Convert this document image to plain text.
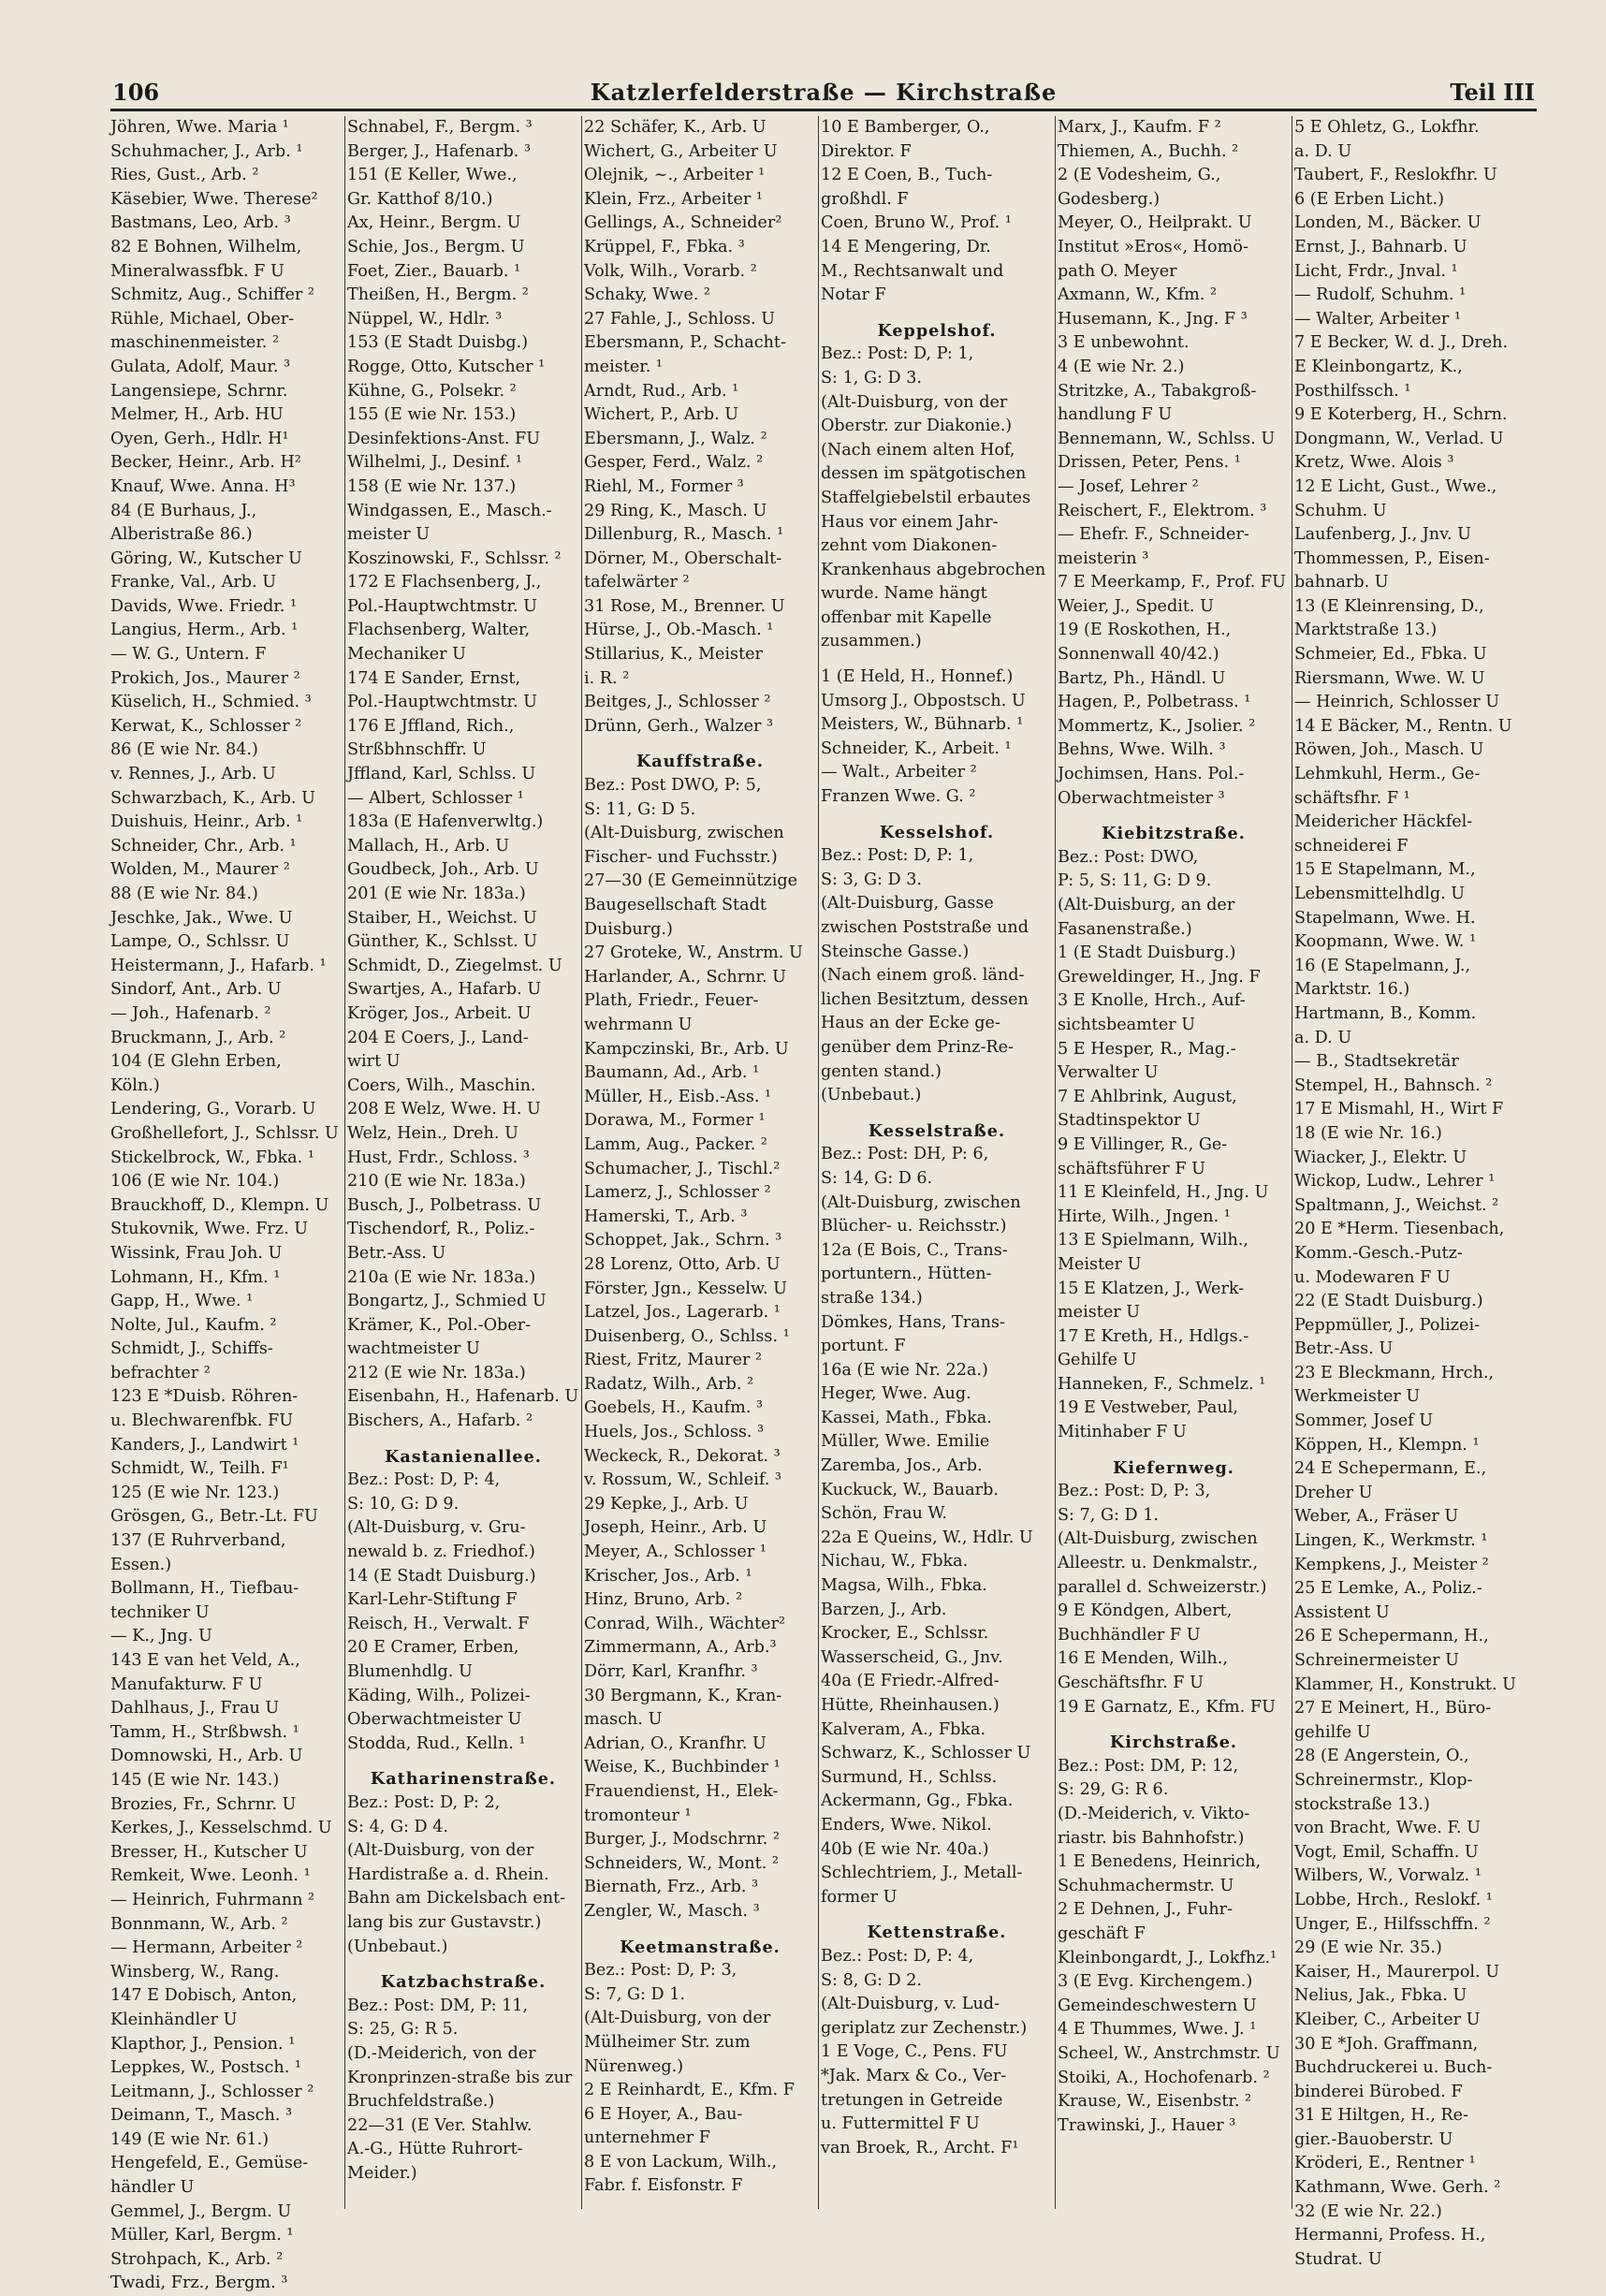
106	Katzlerfelderstraße — Kirchstraße	Teil III
Jöhren, Wwe. Maria ¹
Schuhmacher, J., Arb. ¹
Ries, Gust., Arb. ²
Käsebier, Wwe. Therese²
Bastmans, Leo, Arb. ³
82 E Bohnen, Wilhelm,
Mineralwassfbk. F U
Schmitz, Aug., Schiffer ²
Rühle, Michael, Ober-
maschinenmeister. ²
Gulata, Adolf, Maur. ³
Langensiepe, Schrnr.
Melmer, H., Arb. HU
Oyen, Gerh., Hdlr. H¹
Becker, Heinr., Arb. H²
Knauf, Wwe. Anna. H³
84 (E Burhaus, J.,
Alberistraße 86.)
Göring, W., Kutscher U
Franke, Val., Arb. U
Davids, Wwe. Friedr. ¹
Langius, Herm., Arb. ¹
— W. G., Untern. F
Prokich, Jos., Maurer ²
Küselich, H., Schmied. ³
Kerwat, K., Schlosser ²
86 (E wie Nr. 84.)
v. Rennes, J., Arb. U
Schwarzbach, K., Arb. U
Duishuis, Heinr., Arb. ¹
Schneider, Chr., Arb. ¹
Wolden, M., Maurer ²
88 (E wie Nr. 84.)
Jeschke, Jak., Wwe. U
Lampe, O., Schlssr. U
Heistermann, J., Hafarb. ¹
Sindorf, Ant., Arb. U
— Joh., Hafenarb. ²
Bruckmann, J., Arb. ²
104 (E Glehn Erben,
Köln.)
Lendering, G., Vorarb. U
Großhellefort, J., Schlssr. U
Stickelbrock, W., Fbka. ¹
106 (E wie Nr. 104.)
Brauckhoff, D., Klempn. U
Stukovnik, Wwe. Frz. U
Wissink, Frau Joh. U
Lohmann, H., Kfm. ¹
Gapp, H., Wwe. ¹
Nolte, Jul., Kaufm. ²
Schmidt, J., Schiffs-
befrachter ²
123 E *Duisb. Röhren-
u. Blechwarenfbk. FU
Kanders, J., Landwirt ¹
Schmidt, W., Teilh. F¹
125 (E wie Nr. 123.)
Grösgen, G., Betr.-Lt. FU
137 (E Ruhrverband,
Essen.)
Bollmann, H., Tiefbau-
techniker U
— K., Jng. U
143 E van het Veld, A.,
Manufakturw. F U
Dahlhaus, J., Frau U
Tamm, H., Strßbwsh. ¹
Domnowski, H., Arb. U
145 (E wie Nr. 143.)
Brozies, Fr., Schrnr. U
Kerkes, J., Kesselschmd. U
Bresser, H., Kutscher U
Remkeit, Wwe. Leonh. ¹
— Heinrich, Fuhrmann ²
Bonnmann, W., Arb. ²
— Hermann, Arbeiter ²
Winsberg, W., Rang.
147 E Dobisch, Anton,
Kleinhändler U
Klapthor, J., Pension. ¹
Leppkes, W., Postsch. ¹
Leitmann, J., Schlosser ²
Deimann, T., Masch. ³
149 (E wie Nr. 61.)
Hengefeld, E., Gemüse-
händler U
Gemmel, J., Bergm. U
Müller, Karl, Bergm. ¹
Strohpach, K., Arb. ²
Twadi, Frz., Bergm. ³
Schnabel, F., Bergm. ³
Berger, J., Hafenarb. ³
151 (E Keller, Wwe.,
Gr. Katthof 8/10.)
Ax, Heinr., Bergm. U
Schie, Jos., Bergm. U
Foet, Zier., Bauarb. ¹
Theißen, H., Bergm. ²
Nüppel, W., Hdlr. ³
153 (E Stadt Duisbg.)
Rogge, Otto, Kutscher ¹
Kühne, G., Polsekr. ²
155 (E wie Nr. 153.)
Desinfektions-Anst. FU
Wilhelmi, J., Desinf. ¹
158 (E wie Nr. 137.)
Windgassen, E., Masch.-
meister U
Koszinowski, F., Schlssr. ²
172 E Flachsenberg, J.,
Pol.-Hauptwchtmstr. U
Flachsenberg, Walter,
Mechaniker U
174 E Sander, Ernst,
Pol.-Hauptwchtmstr. U
176 E Jffland, Rich.,
Strßbhnschffr. U
Jffland, Karl, Schlss. U
— Albert, Schlosser ¹
183a (E Hafenverwltg.)
Mallach, H., Arb. U
Goudbeck, Joh., Arb. U
201 (E wie Nr. 183a.)
Staiber, H., Weichst. U
Günther, K., Schlsst. U
Schmidt, D., Ziegelmst. U
Swartjes, A., Hafarb. U
Kröger, Jos., Arbeit. U
204 E Coers, J., Land-
wirt U
Coers, Wilh., Maschin.
208 E Welz, Wwe. H. U
Welz, Hein., Dreh. U
Hust, Frdr., Schloss. ³
210 (E wie Nr. 183a.)
Busch, J., Polbetrass. U
Tischendorf, R., Poliz.-
Betr.-Ass. U
210a (E wie Nr. 183a.)
Bongartz, J., Schmied U
Krämer, K., Pol.-Ober-
wachtmeister U
212 (E wie Nr. 183a.)
Eisenbahn, H., Hafenarb. U
Bischers, A., Hafarb. ²
Kastanienallee.
Bez.: Post: D, P: 4,
S: 10, G: D 9.
(Alt-Duisburg, v. Gru-
newald b. z. Friedhof.)
14 (E Stadt Duisburg.)
Karl-Lehr-Stiftung F
Reisch, H., Verwalt. F
20 E Cramer, Erben,
Blumenhdlg. U
Käding, Wilh., Polizei-
Oberwachtmeister U
Stodda, Rud., Kelln. ¹
Katharinenstraße.
Bez.: Post: D, P: 2,
S: 4, G: D 4.
(Alt-Duisburg, von der
Hardistraße a. d. Rhein.
Bahn am Dickelsbach ent-
lang bis zur Gustavstr.)
(Unbebaut.)
Katzbachstraße.
Bez.: Post: DM, P: 11,
S: 25, G: R 5.
(D.-Meiderich, von der
Kronprinzen-straße bis zur
Bruchfeldstraße.)
22—31 (E Ver. Stahlw.
A.-G., Hütte Ruhrort-
Meider.)
22 Schäfer, K., Arb. U
Wichert, G., Arbeiter U
Olejnik, ~., Arbeiter ¹
Klein, Frz., Arbeiter ¹
Gellings, A., Schneider²
Krüppel, F., Fbka. ³
Volk, Wilh., Vorarb. ²
Schaky, Wwe. ²
27 Fahle, J., Schloss. U
Ebersmann, P., Schacht-
meister. ¹
Arndt, Rud., Arb. ¹
Wichert, P., Arb. U
Ebersmann, J., Walz. ²
Gesper, Ferd., Walz. ²
Riehl, M., Former ³
29 Ring, K., Masch. U
Dillenburg, R., Masch. ¹
Dörner, M., Oberschalt-
tafelwärter ²
31 Rose, M., Brenner. U
Hürse, J., Ob.-Masch. ¹
Stillarius, K., Meister
i. R. ²
Beitges, J., Schlosser ²
Drünn, Gerh., Walzer ³
Kauffstraße.
Bez.: Post DWO, P: 5,
S: 11, G: D 5.
(Alt-Duisburg, zwischen
Fischer- und Fuchsstr.)
27—30 (E Gemeinnützige
Baugesellschaft Stadt
Duisburg.)
27 Groteke, W., Anstrm. U
Harlander, A., Schrnr. U
Plath, Friedr., Feuer-
wehrmann U
Kampczinski, Br., Arb. U
Baumann, Ad., Arb. ¹
Müller, H., Eisb.-Ass. ¹
Dorawa, M., Former ¹
Lamm, Aug., Packer. ²
Schumacher, J., Tischl.²
Lamerz, J., Schlosser ²
Hamerski, T., Arb. ³
Schoppet, Jak., Schrn. ³
28 Lorenz, Otto, Arb. U
Förster, Jgn., Kesselw. U
Latzel, Jos., Lagerarb. ¹
Duisenberg, O., Schlss. ¹
Riest, Fritz, Maurer ²
Radatz, Wilh., Arb. ²
Goebels, H., Kaufm. ³
Huels, Jos., Schloss. ³
Weckeck, R., Dekorat. ³
v. Rossum, W., Schleif. ³
29 Kepke, J., Arb. U
Joseph, Heinr., Arb. U
Meyer, A., Schlosser ¹
Krischer, Jos., Arb. ¹
Hinz, Bruno, Arb. ²
Conrad, Wilh., Wächter²
Zimmermann, A., Arb.³
Dörr, Karl, Kranfhr. ³
30 Bergmann, K., Kran-
masch. U
Adrian, O., Kranfhr. U
Weise, K., Buchbinder ¹
Frauendienst, H., Elek-
tromonteur ¹
Burger, J., Modschrnr. ²
Schneiders, W., Mont. ²
Biernath, Frz., Arb. ³
Zengler, W., Masch. ³
Keetmanstraße.
Bez.: Post: D, P: 3,
S: 7, G: D 1.
(Alt-Duisburg, von der
Mülheimer Str. zum
Nürenweg.)
2 E Reinhardt, E., Kfm. F
6 E Hoyer, A., Bau-
unternehmer F
8 E von Lackum, Wilh.,
Fabr. f. Eisfonstr. F
10 E Bamberger, O.,
Direktor. F
12 E Coen, B., Tuch-
großhdl. F
Coen, Bruno W., Prof. ¹
14 E Mengering, Dr.
M., Rechtsanwalt und
Notar F
Keppelshof.
Bez.: Post: D, P: 1,
S: 1, G: D 3.
(Alt-Duisburg, von der
Oberstr. zur Diakonie.)
(Nach einem alten Hof,
dessen im spätgotischen
Staffelgiebelstil erbautes
Haus vor einem Jahr-
zehnt vom Diakonen-
Krankenhaus abgebrochen
wurde. Name hängt
offenbar mit Kapelle
zusammen.)
1 (E Held, H., Honnef.)
Umsorg J., Obpostsch. U
Meisters, W., Bühnarb. ¹
Schneider, K., Arbeit. ¹
— Walt., Arbeiter ²
Franzen Wwe. G. ²
Kesselshof.
Bez.: Post: D, P: 1,
S: 3, G: D 3.
(Alt-Duisburg, Gasse
zwischen Poststraße und
Steinsche Gasse.)
(Nach einem groß. länd-
lichen Besitztum, dessen
Haus an der Ecke ge-
genüber dem Prinz-Re-
genten stand.)
(Unbebaut.)
Kesselstraße.
Bez.: Post: DH, P: 6,
S: 14, G: D 6.
(Alt-Duisburg, zwischen
Blücher- u. Reichsstr.)
12a (E Bois, C., Trans-
portuntern., Hütten-
straße 134.)
Dömkes, Hans, Trans-
portunt. F
16a (E wie Nr. 22a.)
Heger, Wwe. Aug.
Kassei, Math., Fbka.
Müller, Wwe. Emilie
Zaremba, Jos., Arb.
Kuckuck, W., Bauarb.
Schön, Frau W.
22a E Queins, W., Hdlr. U
Nichau, W., Fbka.
Magsa, Wilh., Fbka.
Barzen, J., Arb.
Krocker, E., Schlssr.
Wasserscheid, G., Jnv.
40a (E Friedr.-Alfred-
Hütte, Rheinhausen.)
Kalveram, A., Fbka.
Schwarz, K., Schlosser U
Surmund, H., Schlss.
Ackermann, Gg., Fbka.
Enders, Wwe. Nikol.
40b (E wie Nr. 40a.)
Schlechtriem, J., Metall-
former U
Kettenstraße.
Bez.: Post: D, P: 4,
S: 8, G: D 2.
(Alt-Duisburg, v. Lud-
geriplatz zur Zechenstr.)
1 E Voge, C., Pens. FU
*Jak. Marx & Co., Ver-
tretungen in Getreide
u. Futtermittel F U
van Broek, R., Archt. F¹
Marx, J., Kaufm. F ²
Thiemen, A., Buchh. ²
2 (E Vodesheim, G.,
Godesberg.)
Meyer, O., Heilprakt. U
Institut »Eros«, Homö-
path O. Meyer
Axmann, W., Kfm. ²
Husemann, K., Jng. F ³
3 E unbewohnt.
4 (E wie Nr. 2.)
Stritzke, A., Tabakgroß-
handlung F U
Bennemann, W., Schlss. U
Drissen, Peter, Pens. ¹
— Josef, Lehrer ²
Reischert, F., Elektrom. ³
— Ehefr. F., Schneider-
meisterin ³
7 E Meerkamp, F., Prof. FU
Weier, J., Spedit. U
19 (E Roskothen, H.,
Sonnenwall 40/42.)
Bartz, Ph., Händl. U
Hagen, P., Polbetrass. ¹
Mommertz, K., Jsolier. ²
Behns, Wwe. Wilh. ³
Jochimsen, Hans. Pol.-
Oberwachtmeister ³
Kiebitzstraße.
Bez.: Post: DWO,
P: 5, S: 11, G: D 9.
(Alt-Duisburg, an der
Fasanenstraße.)
1 (E Stadt Duisburg.)
Greweldinger, H., Jng. F
3 E Knolle, Hrch., Auf-
sichtsbeamter U
5 E Hesper, R., Mag.-
Verwalter U
7 E Ahlbrink, August,
Stadtinspektor U
9 E Villinger, R., Ge-
schäftsführer F U
11 E Kleinfeld, H., Jng. U
Hirte, Wilh., Jngen. ¹
13 E Spielmann, Wilh.,
Meister U
15 E Klatzen, J., Werk-
meister U
17 E Kreth, H., Hdlgs.-
Gehilfe U
Hanneken, F., Schmelz. ¹
19 E Vestweber, Paul,
Mitinhaber F U
Kiefernweg.
Bez.: Post: D, P: 3,
S: 7, G: D 1.
(Alt-Duisburg, zwischen
Alleestr. u. Denkmalstr.,
parallel d. Schweizerstr.)
9 E Köndgen, Albert,
Buchhändler F U
16 E Menden, Wilh.,
Geschäftsfhr. F U
19 E Garnatz, E., Kfm. FU
Kirchstraße.
Bez.: Post: DM, P: 12,
S: 29, G: R 6.
(D.-Meiderich, v. Vikto-
riastr. bis Bahnhofstr.)
1 E Benedens, Heinrich,
Schuhmachermstr. U
2 E Dehnen, J., Fuhr-
geschäft F
Kleinbongardt, J., Lokfhz.¹
3 (E Evg. Kirchengem.)
Gemeindeschwestern U
4 E Thummes, Wwe. J. ¹
Scheel, W., Anstrchmstr. U
Stoiki, A., Hochofenarb. ²
Krause, W., Eisenbstr. ²
Trawinski, J., Hauer ³
5 E Ohletz, G., Lokfhr.
a. D. U
Taubert, F., Reslokfhr. U
6 (E Erben Licht.)
Londen, M., Bäcker. U
Ernst, J., Bahnarb. U
Licht, Frdr., Jnval. ¹
— Rudolf, Schuhm. ¹
— Walter, Arbeiter ¹
7 E Becker, W. d. J., Dreh.
E Kleinbongartz, K.,
Posthilfssch. ¹
9 E Koterberg, H., Schrn.
Dongmann, W., Verlad. U
Kretz, Wwe. Alois ³
12 E Licht, Gust., Wwe.,
Schuhm. U
Laufenberg, J., Jnv. U
Thommessen, P., Eisen-
bahnarb. U
13 (E Kleinrensing, D.,
Marktstraße 13.)
Schmeier, Ed., Fbka. U
Riersmann, Wwe. W. U
— Heinrich, Schlosser U
14 E Bäcker, M., Rentn. U
Röwen, Joh., Masch. U
Lehmkuhl, Herm., Ge-
schäftsfhr. F ¹
Meidericher Häckfel-
schneiderei F
15 E Stapelmann, M.,
Lebensmittelhdlg. U
Stapelmann, Wwe. H.
Koopmann, Wwe. W. ¹
16 (E Stapelmann, J.,
Marktstr. 16.)
Hartmann, B., Komm.
a. D. U
— B., Stadtsekretär
Stempel, H., Bahnsch. ²
17 E Mismahl, H., Wirt F
18 (E wie Nr. 16.)
Wiacker, J., Elektr. U
Wickop, Ludw., Lehrer ¹
Spaltmann, J., Weichst. ²
20 E *Herm. Tiesenbach,
Komm.-Gesch.-Putz-
u. Modewaren F U
22 (E Stadt Duisburg.)
Peppmüller, J., Polizei-
Betr.-Ass. U
23 E Bleckmann, Hrch.,
Werkmeister U
Sommer, Josef U
Köppen, H., Klempn. ¹
24 E Schepermann, E.,
Dreher U
Weber, A., Fräser U
Lingen, K., Werkmstr. ¹
Kempkens, J., Meister ²
25 E Lemke, A., Poliz.-
Assistent U
26 E Schepermann, H.,
Schreinermeister U
Klammer, H., Konstrukt. U
27 E Meinert, H., Büro-
gehilfe U
28 (E Angerstein, O.,
Schreinermstr., Klop-
stockstraße 13.)
von Bracht, Wwe. F. U
Vogt, Emil, Schaffn. U
Wilbers, W., Vorwalz. ¹
Lobbe, Hrch., Reslokf. ¹
Unger, E., Hilfsschffn. ²
29 (E wie Nr. 35.)
Kaiser, H., Maurerpol. U
Nelius, Jak., Fbka. U
Kleiber, C., Arbeiter U
30 E *Joh. Graffmann,
Buchdruckerei u. Buch-
binderei Bürobed. F
31 E Hiltgen, H., Re-
gier.-Bauoberstr. U
Kröderi, E., Rentner ¹
Kathmann, Wwe. Gerh. ²
32 (E wie Nr. 22.)
Hermanni, Profess. H.,
Studrat. U
